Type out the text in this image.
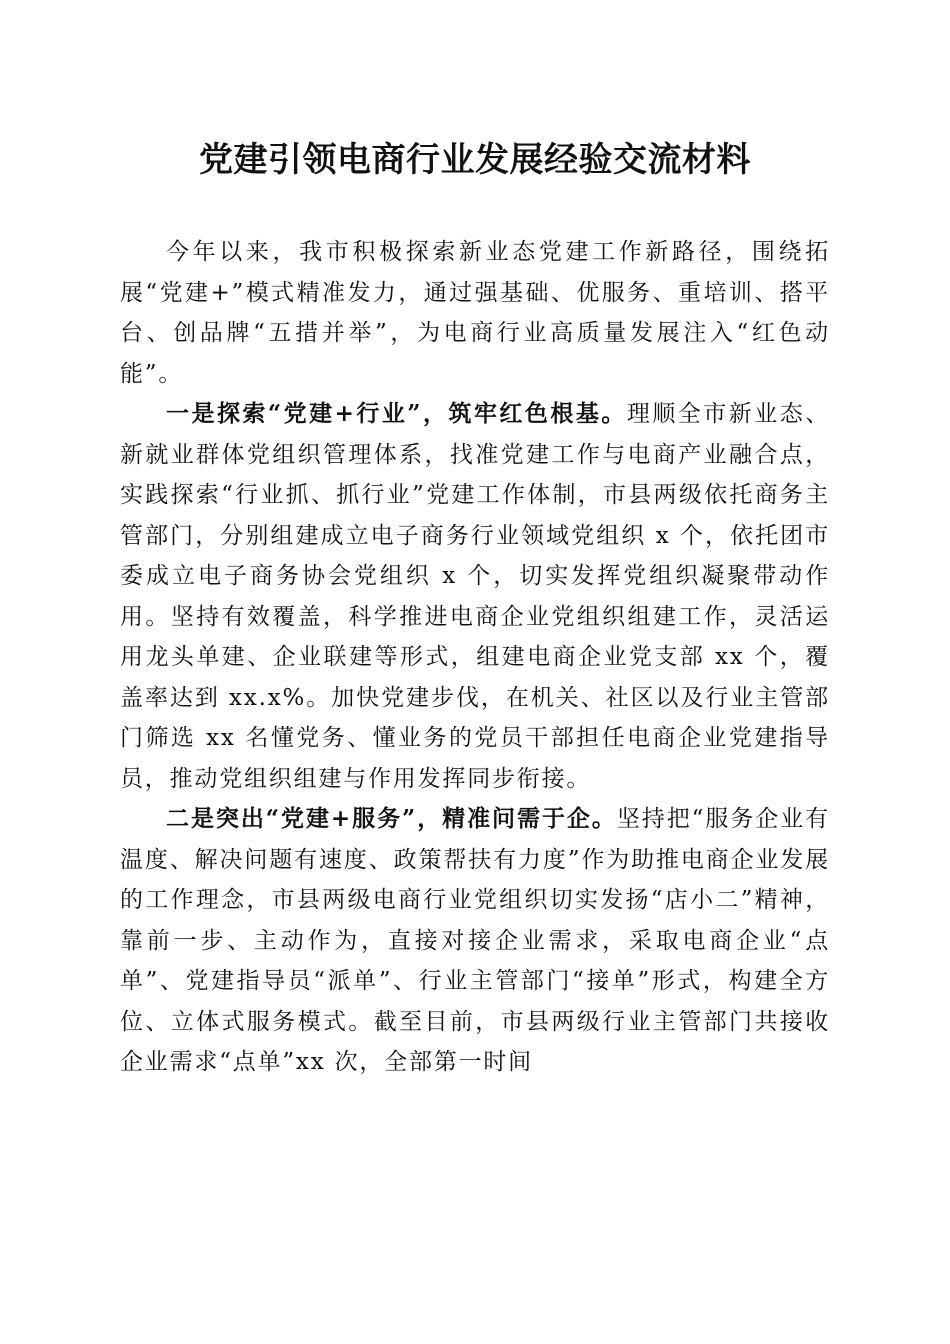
党建引领电商行业发展经验交流材料

今年以来，我市积极探索新业态党建工作新路径，围绕拓展“党建+”模式精准发力，通过强基础、优服务、重培训、搭平台、创品牌“五措并举”，为电商行业高质量发展注入“红色动能”。

一是探索“党建+行业”，筑牢红色根基。理顺全市新业态、新就业群体党组织管理体系，找准党建工作与电商产业融合点，实践探索“行业抓、抓行业”党建工作体制，市县两级依托商务主管部门，分别组建成立电子商务行业领域党组织 x 个，依托团市委成立电子商务协会党组织 x 个，切实发挥党组织凝聚带动作用。坚持有效覆盖，科学推进电商企业党组织组建工作，灵活运用龙头单建、企业联建等形式，组建电商企业党支部 xx 个，覆盖率达到 xx.x%。加快党建步伐，在机关、社区以及行业主管部门筛选 xx 名懂党务、懂业务的党员干部担任电商企业党建指导员，推动党组织组建与作用发挥同步衔接。

二是突出“党建+服务”，精准问需于企。坚持把“服务企业有温度、解决问题有速度、政策帮扶有力度”作为助推电商企业发展的工作理念，市县两级电商行业党组织切实发扬“店小二”精神，靠前一步、主动作为，直接对接企业需求，采取电商企业“点单”、党建指导员“派单”、行业主管部门“接单”形式，构建全方位、立体式服务模式。截至目前，市县两级行业主管部门共接收企业需求“点单”xx 次，全部第一时间
